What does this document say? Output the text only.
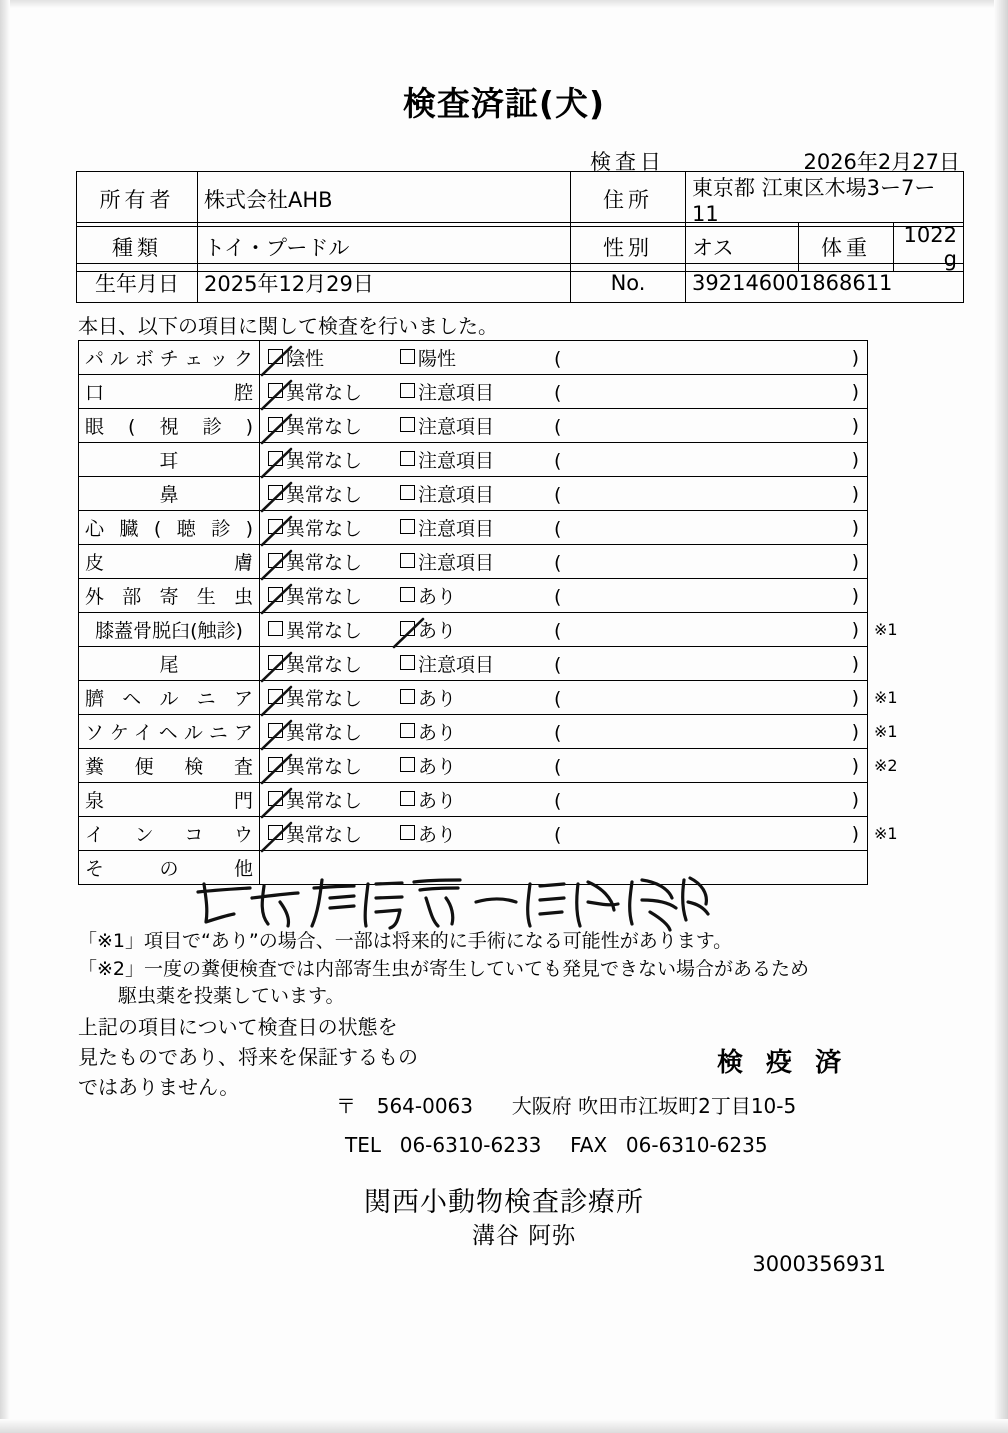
検査済証(犬)
検査日	2026年2月27日
所有者	株式会社AHB	住所	東京都 江東区木場3ー7ー11
種類	トイ・プードル	性別	オス	体重	1022  g
生年月日	2025年12月29日	No.	392146001868611
本日、以下の項目に関して検査を行いました。
パルボチェック	陰性 陽性 ( )	

口腔	異常なし 注意項目 ( )	

眼(視診)	異常なし 注意項目 ( )	

耳	異常なし 注意項目 ( )	

鼻	異常なし 注意項目 ( )	

心臓(聴診)	異常なし 注意項目 ( )	

皮膚	異常なし 注意項目 ( )	

外部寄生虫	異常なし あり ( )	

膝蓋骨脱臼(触診)	異常なし あり ( )	※1
尾	異常なし 注意項目 ( )	

臍ヘルニア	異常なし あり ( )	※1
ソケイヘルニア	異常なし あり ( )	※1
糞便検査	異常なし あり ( )	※2
泉門	異常なし あり ( )	

インコウ	異常なし あり ( )	※1
その他		
「※1」項目で“あり”の場合、一部は将来的に手術になる可能性があります。
「※2」一度の糞便検査では内部寄生虫が寄生していても発見できない場合があるため
駆虫薬を投薬しています。
上記の項目について検査日の状態を
見たものであり、将来を保証するもの
ではありません。
検 疫 済
〒 564-0063 大阪府 吹田市江坂町2丁目10-5
TEL 06-6310-6233 FAX 06-6310-6235
関西小動物検査診療所
溝谷 阿弥
3000356931
